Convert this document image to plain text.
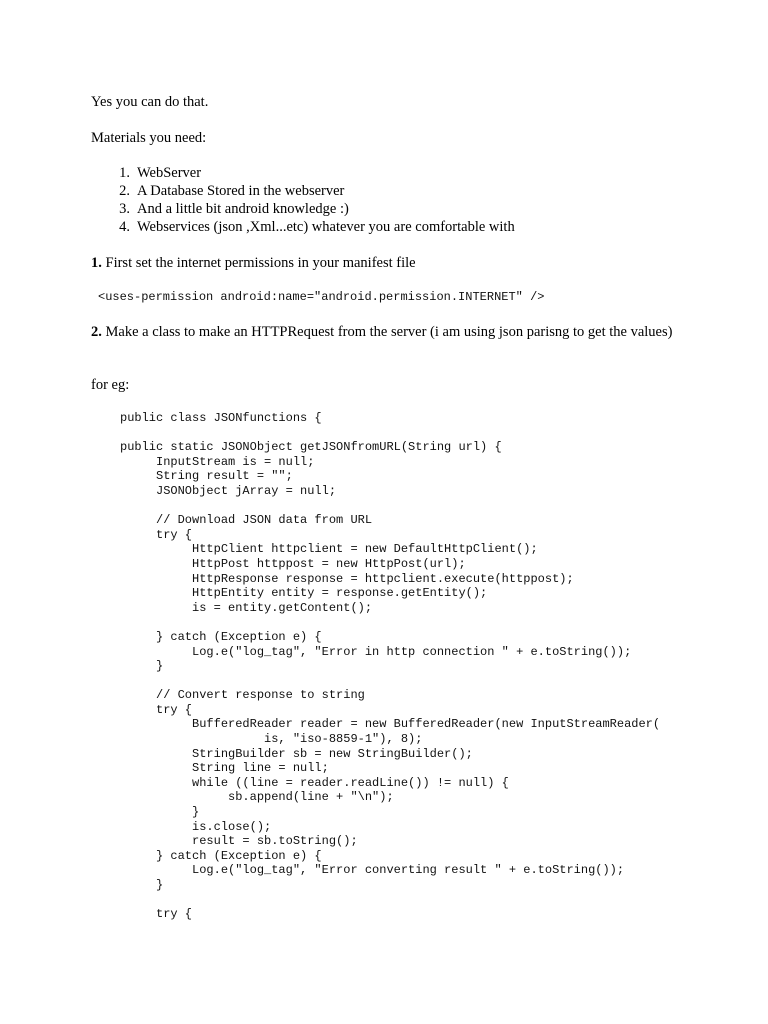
Yes you can do that.

Materials you need:

1. WebServer
2. A Database Stored in the webserver
3. And a little bit android knowledge :)
4. Webservices (json ,Xml...etc) whatever you are comfortable with

1. First set the internet permissions in your manifest file

<uses-permission android:name="android.permission.INTERNET" />

2. Make a class to make an HTTPRequest from the server (i am using json parisng to get the values)

for eg:

public class JSONfunctions {

public static JSONObject getJSONfromURL(String url) {
InputStream is = null;
String result = "";
JSONObject jArray = null;

// Download JSON data from URL
try {
HttpClient httpclient = new DefaultHttpClient();
HttpPost httppost = new HttpPost(url);
HttpResponse response = httpclient.execute(httppost);
HttpEntity entity = response.getEntity();
is = entity.getContent();

} catch (Exception e) {
Log.e("log_tag", "Error in http connection " + e.toString());
}

// Convert response to string
try {
BufferedReader reader = new BufferedReader(new InputStreamReader(
is, "iso-8859-1"), 8);
StringBuilder sb = new StringBuilder();
String line = null;
while ((line = reader.readLine()) != null) {
sb.append(line + "\n");
}
is.close();
result = sb.toString();
} catch (Exception e) {
Log.e("log_tag", "Error converting result " + e.toString());
}

try {
